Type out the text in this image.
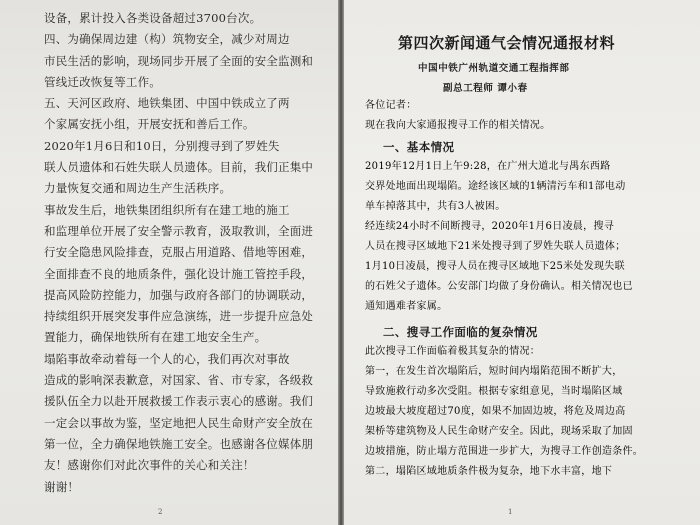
设备，累计投入各类设备超过3700台次。
四、为确保周边建（构）筑物安全，减少对周边
市民生活的影响，现场同步开展了全面的安全监测和
管线迁改恢复等工作。
五、天河区政府、地铁集团、中国中铁成立了两
个家属安抚小组，开展安抚和善后工作。
2020年1月6日和10日，分别搜寻到了罗姓失
联人员遗体和石姓失联人员遗体。目前，我们正集中
力量恢复交通和周边生产生活秩序。
事故发生后，地铁集团组织所有在建工地的施工
和监理单位开展了安全警示教育，汲取教训，全面进
行安全隐患风险排查，克服占用道路、借地等困难，
全面排查不良的地质条件，强化设计施工管控手段，
提高风险防控能力，加强与政府各部门的协调联动，
持续组织开展突发事件应急演练，进一步提升应急处
置能力，确保地铁所有在建工地安全生产。
塌陷事故牵动着每一个人的心，我们再次对事故
造成的影响深表歉意，对国家、省、市专家，各级救
援队伍全力以赴开展救援工作表示衷心的感谢。我们
一定会以事故为鉴，坚定地把人民生命财产安全放在
第一位，全力确保地铁施工安全。也感谢各位媒体朋
友！感谢你们对此次事件的关心和关注！
谢谢！
2
第四次新闻通气会情况通报材料
中国中铁广州轨道交通工程指挥部
副总工程师 谭小春
各位记者：
现在我向大家通报搜寻工作的相关情况。
一、基本情况
2019年12月1日上午9:28，在广州大道北与禺东西路
交界处地面出现塌陷。途经该区域的1辆清污车和1部电动
单车掉落其中，共有3人被困。
经连续24小时不间断搜寻，2020年1月6日凌晨，搜寻
人员在搜寻区域地下21米处搜寻到了罗姓失联人员遗体；
1月10日凌晨，搜寻人员在搜寻区域地下25米处发现失联
的石姓父子遗体。公安部门均做了身份确认。相关情况也已
通知遇难者家属。
二、搜寻工作面临的复杂情况
此次搜寻工作面临着极其复杂的情况：
第一，在发生首次塌陷后，短时间内塌陷范围不断扩大，
导致施救行动多次受阻。根据专家组意见，当时塌陷区域
边坡最大坡度超过70度，如果不加固边坡，将危及周边高
架桥等建筑物及人民生命财产安全。因此，现场采取了加固
边坡措施，防止塌方范围进一步扩大，为搜寻工作创造条件。
第二，塌陷区域地质条件极为复杂，地下水丰富，地下
1
